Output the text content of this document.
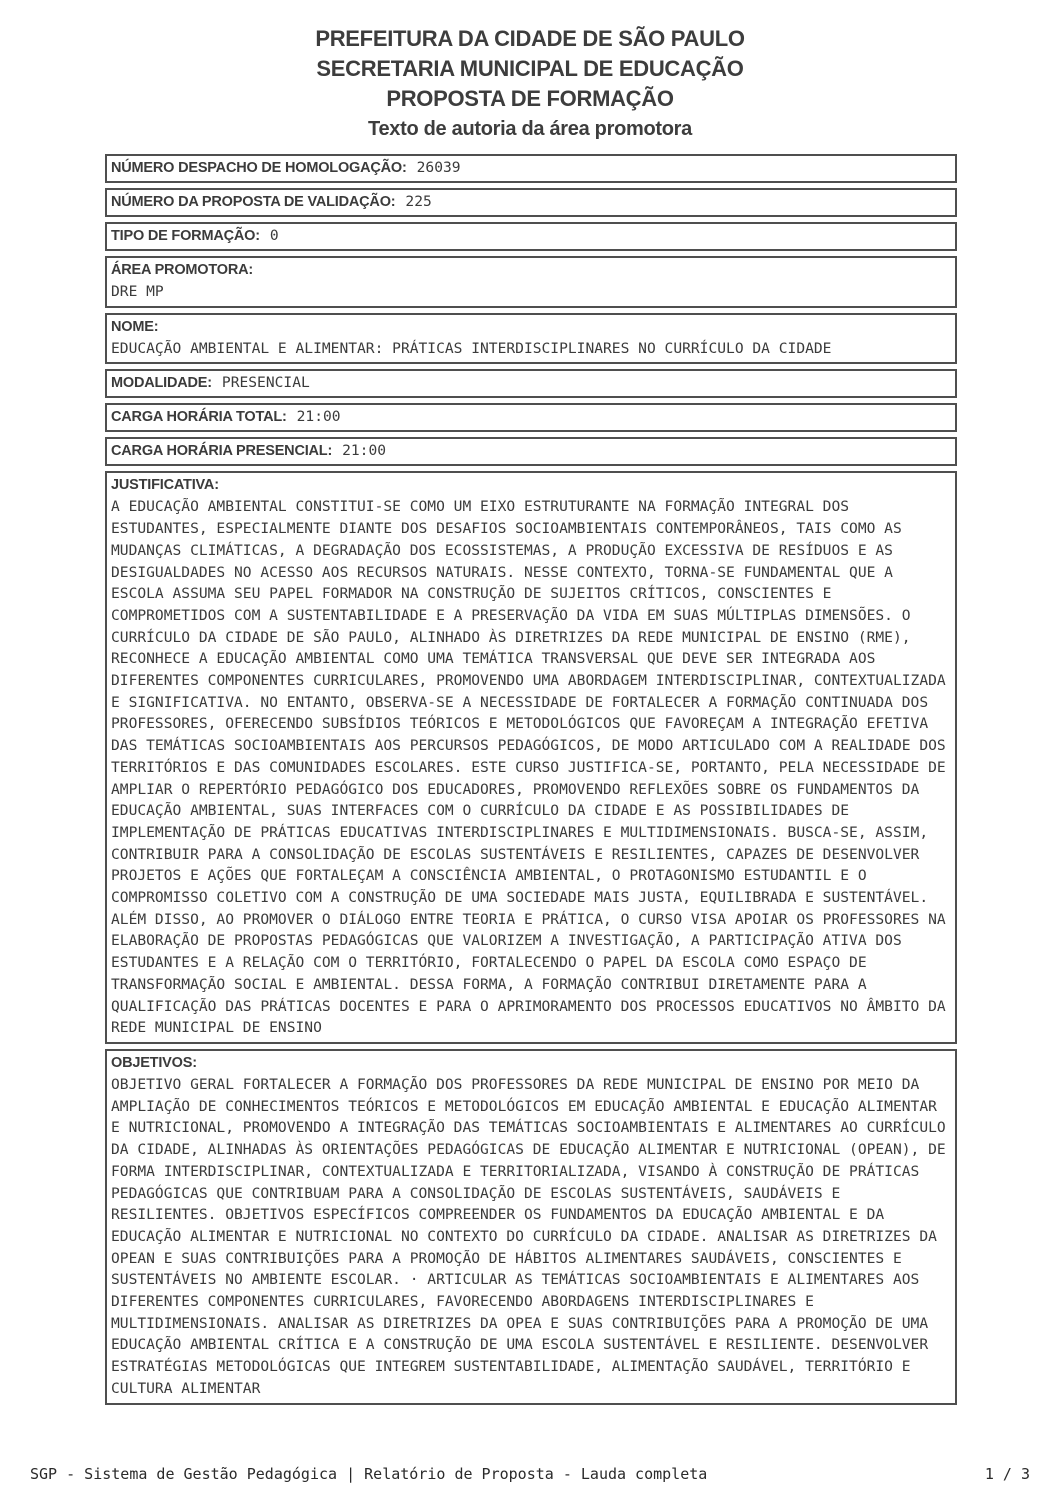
PREFEITURA DA CIDADE DE SÃO PAULO
SECRETARIA MUNICIPAL DE EDUCAÇÃO
PROPOSTA DE FORMAÇÃO
Texto de autoria da área promotora
NÚMERO DESPACHO DE HOMOLOGAÇÃO: 26039
NÚMERO DA PROPOSTA DE VALIDAÇÃO: 225
TIPO DE FORMAÇÃO: 0
ÁREA PROMOTORA:
DRE MP
NOME:
EDUCAÇÃO AMBIENTAL E ALIMENTAR: PRÁTICAS INTERDISCIPLINARES NO CURRÍCULO DA CIDADE
MODALIDADE: PRESENCIAL
CARGA HORÁRIA TOTAL: 21:00
CARGA HORÁRIA PRESENCIAL: 21:00
JUSTIFICATIVA:
A EDUCAÇÃO AMBIENTAL CONSTITUI-SE COMO UM EIXO ESTRUTURANTE NA FORMAÇÃO INTEGRAL DOS ESTUDANTES, ESPECIALMENTE DIANTE DOS DESAFIOS SOCIOAMBIENTAIS CONTEMPORÂNEOS, TAIS COMO AS MUDANÇAS CLIMÁTICAS, A DEGRADAÇÃO DOS ECOSSISTEMAS, A PRODUÇÃO EXCESSIVA DE RESÍDUOS E AS DESIGUALDADES NO ACESSO AOS RECURSOS NATURAIS. NESSE CONTEXTO, TORNA-SE FUNDAMENTAL QUE A ESCOLA ASSUMA SEU PAPEL FORMADOR NA CONSTRUÇÃO DE SUJEITOS CRÍTICOS, CONSCIENTES E COMPROMETIDOS COM A SUSTENTABILIDADE E A PRESERVAÇÃO DA VIDA EM SUAS MÚLTIPLAS DIMENSÕES. O CURRÍCULO DA CIDADE DE SÃO PAULO, ALINHADO ÀS DIRETRIZES DA REDE MUNICIPAL DE ENSINO (RME), RECONHECE A EDUCAÇÃO AMBIENTAL COMO UMA TEMÁTICA TRANSVERSAL QUE DEVE SER INTEGRADA AOS DIFERENTES COMPONENTES CURRICULARES, PROMOVENDO UMA ABORDAGEM INTERDISCIPLINAR, CONTEXTUALIZADA E SIGNIFICATIVA. NO ENTANTO, OBSERVA-SE A NECESSIDADE DE FORTALECER A FORMAÇÃO CONTINUADA DOS PROFESSORES, OFERECENDO SUBSÍDIOS TEÓRICOS E METODOLÓGICOS QUE FAVOREÇAM A INTEGRAÇÃO EFETIVA DAS TEMÁTICAS SOCIOAMBIENTAIS AOS PERCURSOS PEDAGÓGICOS, DE MODO ARTICULADO COM A REALIDADE DOS TERRITÓRIOS E DAS COMUNIDADES ESCOLARES. ESTE CURSO JUSTIFICA-SE, PORTANTO, PELA NECESSIDADE DE AMPLIAR O REPERTÓRIO PEDAGÓGICO DOS EDUCADORES, PROMOVENDO REFLEXÕES SOBRE OS FUNDAMENTOS DA EDUCAÇÃO AMBIENTAL, SUAS INTERFACES COM O CURRÍCULO DA CIDADE E AS POSSIBILIDADES DE IMPLEMENTAÇÃO DE PRÁTICAS EDUCATIVAS INTERDISCIPLINARES E MULTIDIMENSIONAIS. BUSCA-SE, ASSIM, CONTRIBUIR PARA A CONSOLIDAÇÃO DE ESCOLAS SUSTENTÁVEIS E RESILIENTES, CAPAZES DE DESENVOLVER PROJETOS E AÇÕES QUE FORTALEÇAM A CONSCIÊNCIA AMBIENTAL, O PROTAGONISMO ESTUDANTIL E O COMPROMISSO COLETIVO COM A CONSTRUÇÃO DE UMA SOCIEDADE MAIS JUSTA, EQUILIBRADA E SUSTENTÁVEL. ALÉM DISSO, AO PROMOVER O DIÁLOGO ENTRE TEORIA E PRÁTICA, O CURSO VISA APOIAR OS PROFESSORES NA ELABORAÇÃO DE PROPOSTAS PEDAGÓGICAS QUE VALORIZEM A INVESTIGAÇÃO, A PARTICIPAÇÃO ATIVA DOS ESTUDANTES E A RELAÇÃO COM O TERRITÓRIO, FORTALECENDO O PAPEL DA ESCOLA COMO ESPAÇO DE TRANSFORMAÇÃO SOCIAL E AMBIENTAL. DESSA FORMA, A FORMAÇÃO CONTRIBUI DIRETAMENTE PARA A QUALIFICAÇÃO DAS PRÁTICAS DOCENTES E PARA O APRIMORAMENTO DOS PROCESSOS EDUCATIVOS NO ÂMBITO DA REDE MUNICIPAL DE ENSINO
OBJETIVOS:
OBJETIVO GERAL FORTALECER A FORMAÇÃO DOS PROFESSORES DA REDE MUNICIPAL DE ENSINO POR MEIO DA AMPLIAÇÃO DE CONHECIMENTOS TEÓRICOS E METODOLÓGICOS EM EDUCAÇÃO AMBIENTAL E EDUCAÇÃO ALIMENTAR E NUTRICIONAL, PROMOVENDO A INTEGRAÇÃO DAS TEMÁTICAS SOCIOAMBIENTAIS E ALIMENTARES AO CURRÍCULO DA CIDADE, ALINHADAS ÀS ORIENTAÇÕES PEDAGÓGICAS DE EDUCAÇÃO ALIMENTAR E NUTRICIONAL (OPEAN), DE FORMA INTERDISCIPLINAR, CONTEXTUALIZADA E TERRITORIALIZADA, VISANDO À CONSTRUÇÃO DE PRÁTICAS PEDAGÓGICAS QUE CONTRIBUAM PARA A CONSOLIDAÇÃO DE ESCOLAS SUSTENTÁVEIS, SAUDÁVEIS E RESILIENTES. OBJETIVOS ESPECÍFICOS COMPREENDER OS FUNDAMENTOS DA EDUCAÇÃO AMBIENTAL E DA EDUCAÇÃO ALIMENTAR E NUTRICIONAL NO CONTEXTO DO CURRÍCULO DA CIDADE. ANALISAR AS DIRETRIZES DA OPEAN E SUAS CONTRIBUIÇÕES PARA A PROMOÇÃO DE HÁBITOS ALIMENTARES SAUDÁVEIS, CONSCIENTES E SUSTENTÁVEIS NO AMBIENTE ESCOLAR. · ARTICULAR AS TEMÁTICAS SOCIOAMBIENTAIS E ALIMENTARES AOS DIFERENTES COMPONENTES CURRICULARES, FAVORECENDO ABORDAGENS INTERDISCIPLINARES E MULTIDIMENSIONAIS. ANALISAR AS DIRETRIZES DA OPEA E SUAS CONTRIBUIÇÕES PARA A PROMOÇÃO DE UMA EDUCAÇÃO AMBIENTAL CRÍTICA E A CONSTRUÇÃO DE UMA ESCOLA SUSTENTÁVEL E RESILIENTE. DESENVOLVER ESTRATÉGIAS METODOLÓGICAS QUE INTEGREM SUSTENTABILIDADE, ALIMENTAÇÃO SAUDÁVEL, TERRITÓRIO E CULTURA ALIMENTAR
SGP - Sistema de Gestão Pedagógica | Relatório de Proposta - Lauda completa	1 / 3
